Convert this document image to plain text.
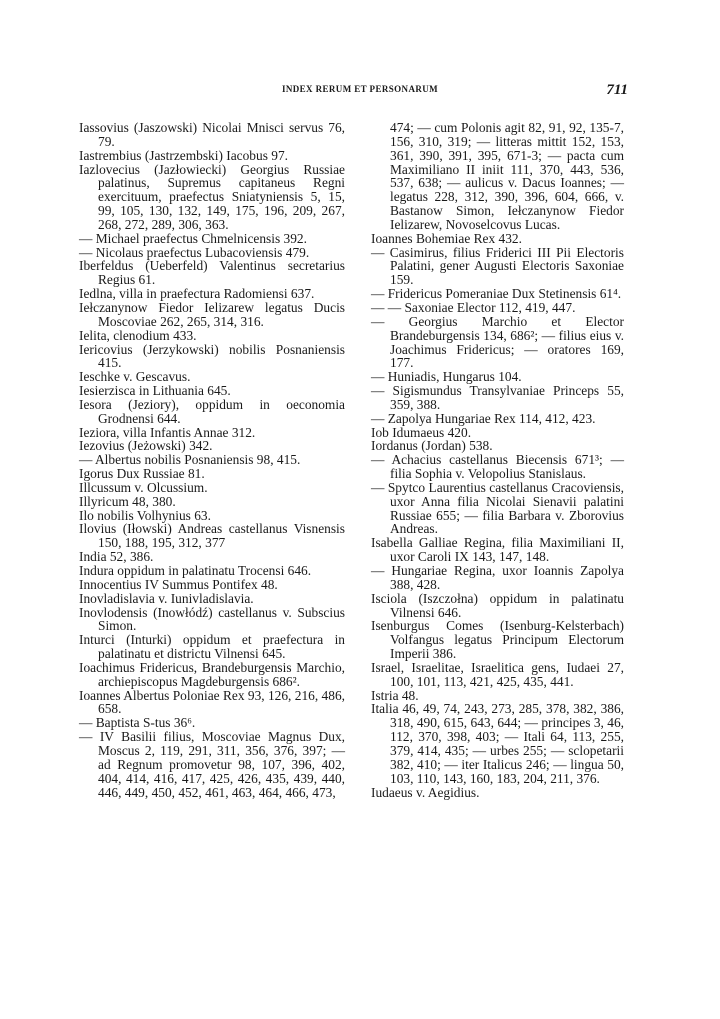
INDEX RERUM ET PERSONARUM	711

Iassovius (Jaszowski) Nicolai Mnisci servus 76, 79.

Iastrembius (Jastrzembski) Iacobus 97.

Iazlovecius (Jazłowiecki) Georgius Russiae palatinus, Supremus capitaneus Regni exercituum, praefectus Sniatyniensis 5, 15, 99, 105, 130, 132, 149, 175, 196, 209, 267, 268, 272, 289, 306, 363.

— Michael praefectus Chmelnicensis 392.

— Nicolaus praefectus Lubacoviensis 479.

Iberfeldus (Ueberfeld) Valentinus secretarius Regius 61.

Iedlna, villa in praefectura Radomiensi 637.

Iełczanynow Fiedor Ielizarew legatus Ducis Moscoviae 262, 265, 314, 316.

Ielita, clenodium 433.

Iericovius (Jerzykowski) nobilis Posnaniensis 415.

Ieschke v. Gescavus.

Iesierzisca in Lithuania 645.

Iesora (Jeziory), oppidum in oeconomia Grodnensi 644.

Ieziora, villa Infantis Annae 312.

Iezovius (Jeżowski) 342.

— Albertus nobilis Posnaniensis 98, 415.

Igorus Dux Russiae 81.

Illcussum v. Olcussium.

Illyricum 48, 380.

Ilo nobilis Volhynius 63.

Ilovius (Iłowski) Andreas castellanus Visnensis 150, 188, 195, 312, 377

India 52, 386.

Indura oppidum in palatinatu Trocensi 646.

Innocentius IV Summus Pontifex 48.

Inovladislavia v. Iunivladislavia.

Inovlodensis (Inowłódź) castellanus v. Subscius Simon.

Inturci (Inturki) oppidum et praefectura in palatinatu et districtu Vilnensi 645.

Ioachimus Fridericus, Brandeburgensis Marchio, archiepiscopus Magdeburgensis 686².

Ioannes Albertus Poloniae Rex 93, 126, 216, 486, 658.

— Baptista S-tus 36⁶.

— IV Basilii filius, Moscoviae Magnus Dux, Moscus 2, 119, 291, 311, 356, 376, 397; — ad Regnum promovetur 98, 107, 396, 402, 404, 414, 416, 417, 425, 426, 435, 439, 440, 446, 449, 450, 452, 461, 463, 464, 466, 473,

474; — cum Polonis agit 82, 91, 92, 135-7, 156, 310, 319; — litteras mittit 152, 153, 361, 390, 391, 395, 671-3; — pacta cum Maximiliano II iniit 111, 370, 443, 536, 537, 638; — aulicus v. Dacus Ioannes; — legatus 228, 312, 390, 396, 604, 666, v. Bastanow Simon, Iełczanynow Fiedor Ielizarew, Novoselcovus Lucas.

Ioannes Bohemiae Rex 432.

— Casimirus, filius Friderici III Pii Electoris Palatini, gener Augusti Electoris Saxoniae 159.

— Fridericus Pomeraniae Dux Stetinensis 61⁴.

— — Saxoniae Elector 112, 419, 447.

— Georgius Marchio et Elector Brandeburgensis 134, 686²; — filius eius v. Joachimus Fridericus; — oratores 169, 177.

— Huniadis, Hungarus 104.

— Sigismundus Transylvaniae Princeps 55, 359, 388.

— Zapolya Hungariae Rex 114, 412, 423.

Iob Idumaeus 420.

Iordanus (Jordan) 538.

— Achacius castellanus Biecensis 671³; — filia Sophia v. Velopolius Stanislaus.

— Spytco Laurentius castellanus Cracoviensis, uxor Anna filia Nicolai Sienavii palatini Russiae 655; — filia Barbara v. Zborovius Andreas.

Isabella Galliae Regina, filia Maximiliani II, uxor Caroli IX 143, 147, 148.

— Hungariae Regina, uxor Ioannis Zapolya 388, 428.

Isciola (Iszczołna) oppidum in palatinatu Vilnensi 646.

Isenburgus Comes (Isenburg-Kelsterbach) Volfangus legatus Principum Electorum Imperii 386.

Israel, Israelitae, Israelitica gens, Iudaei 27, 100, 101, 113, 421, 425, 435, 441.

Istria 48.

Italia 46, 49, 74, 243, 273, 285, 378, 382, 386, 318, 490, 615, 643, 644; — principes 3, 46, 112, 370, 398, 403; — Itali 64, 113, 255, 379, 414, 435; — urbes 255; — sclopetarii 382, 410; — iter Italicus 246; — lingua 50, 103, 110, 143, 160, 183, 204, 211, 376.

Iudaeus v. Aegidius.
